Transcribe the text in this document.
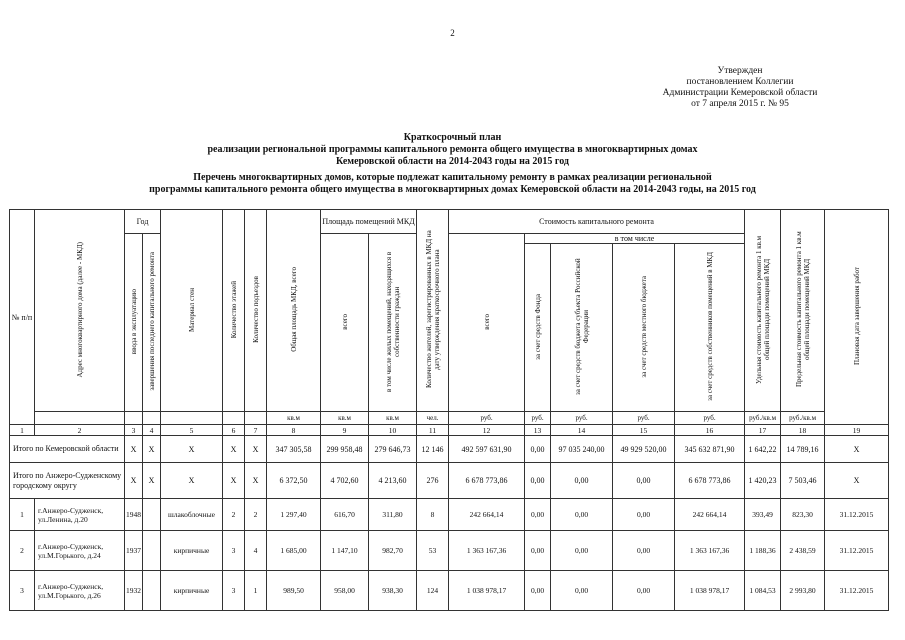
2
Утвержден
постановлением Коллегии
Администрации Кемеровской области
от 7 апреля 2015 г. № 95
Краткосрочный план
реализации региональной программы капитального ремонта общего имущества в многоквартирных домах
Кемеровской области на 2014-2043 годы на 2015 год
Перечень многоквартирных домов, которые подлежат капитальному ремонту в рамках реализации региональной
программы капитального ремонта общего имущества в многоквартирных домах Кемеровской области на 2014-2043 годы, на 2015 год
№ п/п	Адрес многоквартирного дома (далее - МКД)	Год		Материал стен	Количество этажей	Количество подъездов	Общая площадь МКД, всего	Площадь помещений МКД		Количество жителей, зарегистрированных в МКД на дату утверждения краткосрочного плана	Стоимость капитального ремонта					Удельная стоимость капитального ремонта 1 кв.м общей площади помещений МКД	Предельная стоимость капитального ремонта 1 кв.м общей площади помещений МКД	Плановая дата завершения работ
		ввода в эксплуатацию	завершения последнего капитального ремонта					всего	в том числе жилых помещений, находящихся в собственности граждан		всего	в том числе						
												за счет средств Фонда	за счет средств бюджета субъекта Российской Федерации	за счет средств местного бюджета	за счет средств собственников помещений в МКД			
							кв.м	кв.м	кв.м	чел.	руб.	руб.	руб.	руб.	руб.	руб./кв.м	руб./кв.м	
1	2	3	4	5	6	7	8	9	10	11	12	13	14	15	16	17	18	19
Итого по Кемеровской области		X	X	X	X	X	347 305,58	299 958,48	279 646,73	12 146	492 597 631,90	0,00	97 035 240,00	49 929 520,00	345 632 871,90	1 642,22	14 789,16	X
Итого по Анжеро-Судженскому городскому округу		X	X	X	X	X	6 372,50	4 702,60	4 213,60	276	6 678 773,86	0,00	0,00	0,00	6 678 773,86	1 420,23	7 503,46	X
1	г.Анжеро-Судженск, ул.Ленина, д.20	1948		шлакоблочные	2	2	1 297,40	616,70	311,80	8	242 664,14	0,00	0,00	0,00	242 664,14	393,49	823,30	31.12.2015
2	г.Анжеро-Судженск, ул.М.Горького, д.24	1937		кирпичные	3	4	1 685,00	1 147,10	982,70	53	1 363 167,36	0,00	0,00	0,00	1 363 167,36	1 188,36	2 438,59	31.12.2015
3	г.Анжеро-Судженск, ул.М.Горького, д.26	1932		кирпичные	3	1	989,50	958,00	938,30	124	1 038 978,17	0,00	0,00	0,00	1 038 978,17	1 084,53	2 993,80	31.12.2015
